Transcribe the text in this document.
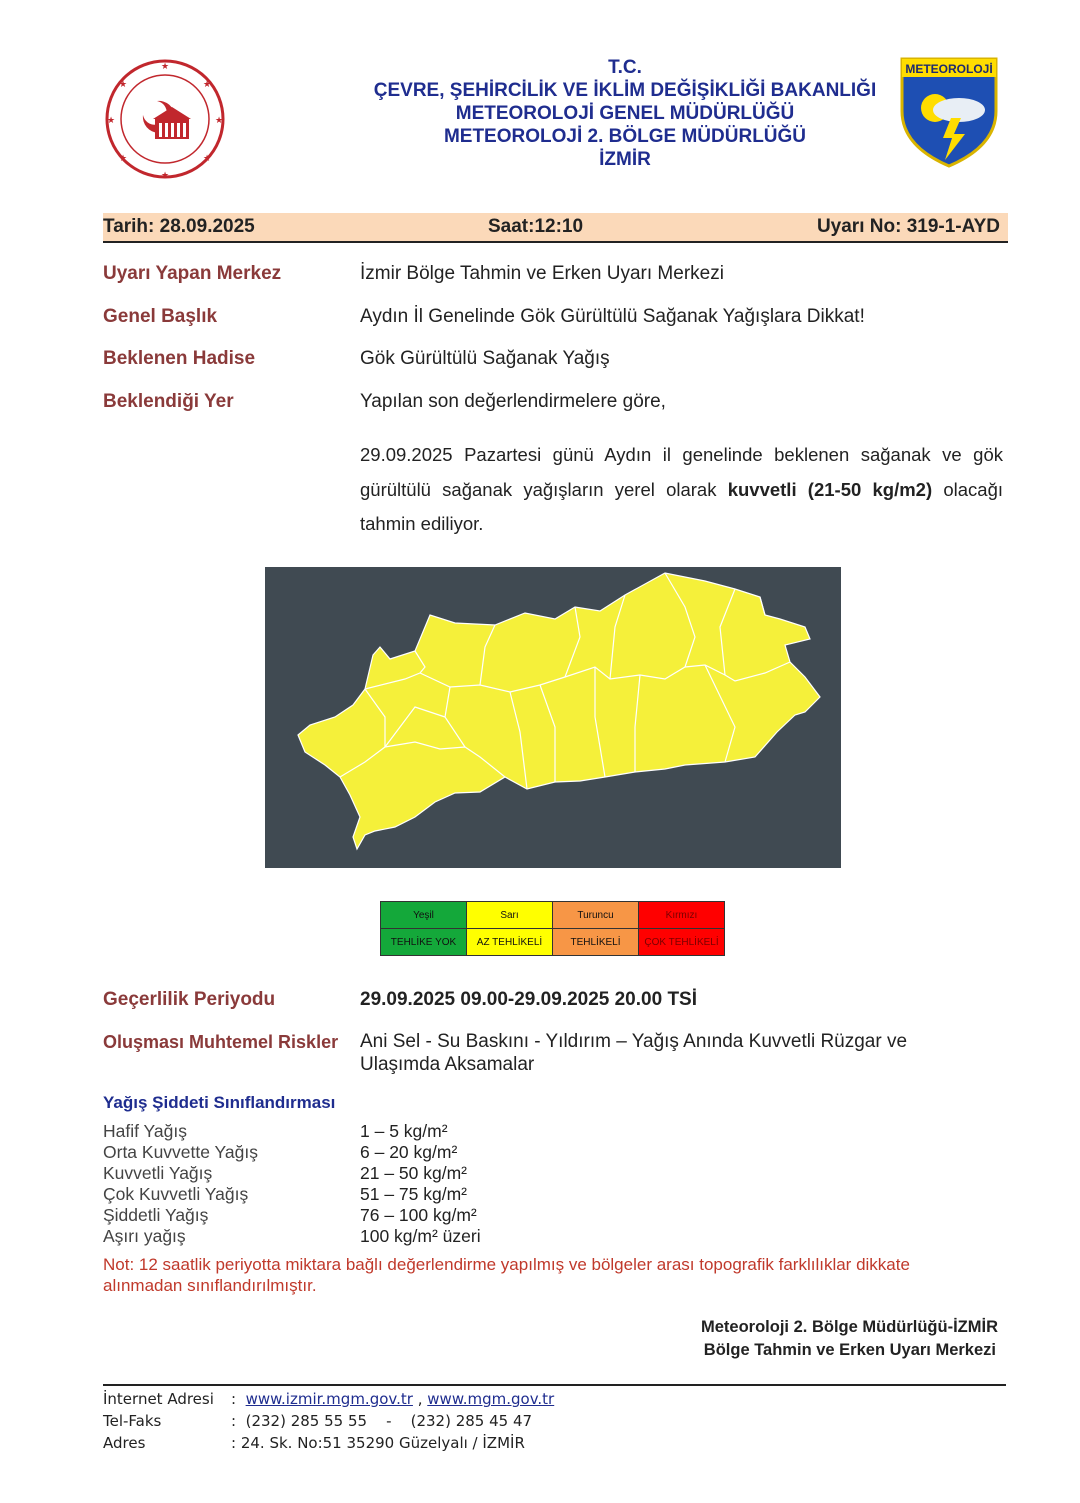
★
★	★
★	★
★	★
★
T.C.
ÇEVRE, ŞEHİRCİLİK VE İKLİM DEĞİŞİKLİĞİ BAKANLIĞI
METEOROLOJİ GENEL MÜDÜRLÜĞÜ
METEOROLOJİ 2. BÖLGE MÜDÜRLÜĞÜ
İZMİR
METEOROLOJİ
Tarih: 28.09.2025	Saat:12:10	Uyarı No: 319-1-AYD
Uyarı Yapan Merkez	İzmir Bölge Tahmin ve Erken Uyarı Merkezi
Genel Başlık	Aydın İl Genelinde Gök Gürültülü Sağanak Yağışlara Dikkat!
Beklenen Hadise	Gök Gürültülü Sağanak Yağış
Beklendiği Yer	Yapılan son değerlendirmelere göre,
29.09.2025 Pazartesi günü Aydın il genelinde beklenen sağanak ve gök gürültülü sağanak yağışların yerel olarak kuvvetli (21-50 kg/m2) olacağı tahmin ediliyor.
Yeşil	Sarı	Turuncu	Kırmızı
TEHLİKE YOK	AZ TEHLİKELİ	TEHLİKELİ	ÇOK TEHLİKELİ
Geçerlilik Periyodu	29.09.2025 09.00-29.09.2025 20.00 TSİ
Oluşması Muhtemel Riskler Ani Sel - Su Baskını - Yıldırım – Yağış Anında Kuvvetli Rüzgar ve
Ulaşımda Aksamalar
Yağış Şiddeti Sınıflandırması
Hafif Yağış	1 – 5 kg/m²
Orta Kuvvette Yağış	6 – 20 kg/m²
Kuvvetli Yağış	21 – 50 kg/m²
Çok Kuvvetli Yağış	51 – 75 kg/m²
Şiddetli Yağış	76 – 100 kg/m²
Aşırı yağış	100 kg/m² üzeri
Not: 12 saatlik periyotta miktara bağlı değerlendirme yapılmış ve bölgeler arası topografik farklılıklar dikkate
alınmadan sınıflandırılmıştır.
Meteoroloji 2. Bölge Müdürlüğü-İZMİR
Bölge Tahmin ve Erken Uyarı Merkezi
İnternet Adresi : www.izmir.mgm.gov.tr , www.mgm.gov.tr
Tel-Faks	:  (232) 285 55 55    -    (232) 285 45 47
Adres	: 24. Sk. No:51 35290 Güzelyalı / İZMİR
